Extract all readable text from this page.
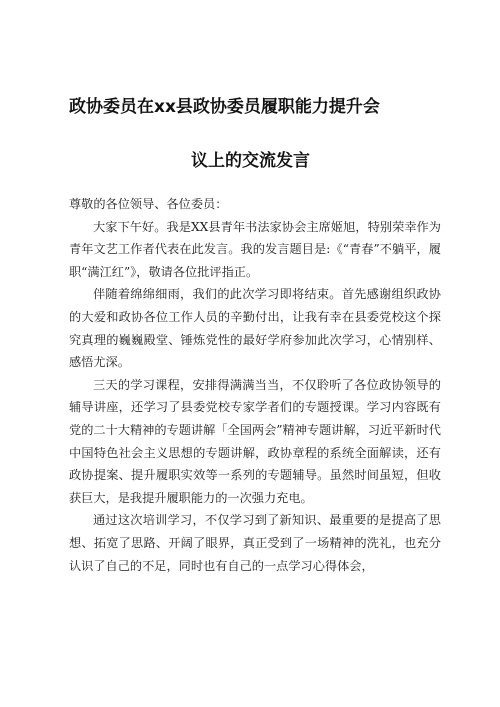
政协委员在xx县政协委员履职能力提升会
议上的交流发言

尊敬的各位领导、各位委员：

大家下午好。我是XX县青年书法家协会主席姬旭，特别荣幸作为青年文艺工作者代表在此发言。我的发言题目是:《“青春”不躺平，履职“满江红”》，敬请各位批评指正。

伴随着绵绵细雨，我们的此次学习即将结束。首先感谢组织政协的大爱和政协各位工作人员的辛勤付出，让我有幸在县委党校这个探究真理的巍巍殿堂、锤炼党性的最好学府参加此次学习，心情别样、感悟尤深。

三天的学习课程，安排得满满当当，不仅聆听了各位政协领导的辅导讲座，还学习了县委党校专家学者们的专题授课。学习内容既有党的二十大精神的专题讲解「全国两会”精神专题讲解，习近平新时代中国特色社会主义思想的专题讲解，政协章程的系统全面解读，还有政协提案、提升履职实效等一系列的专题辅导。虽然时间虽短，但收获巨大，是我提升履职能力的一次强力充电。

通过这次培训学习，不仅学习到了新知识、最重要的是提高了思想、拓宽了思路、开阔了眼界，真正受到了一场精神的洗礼，也充分认识了自己的不足，同时也有自己的一点学习心得体会，
